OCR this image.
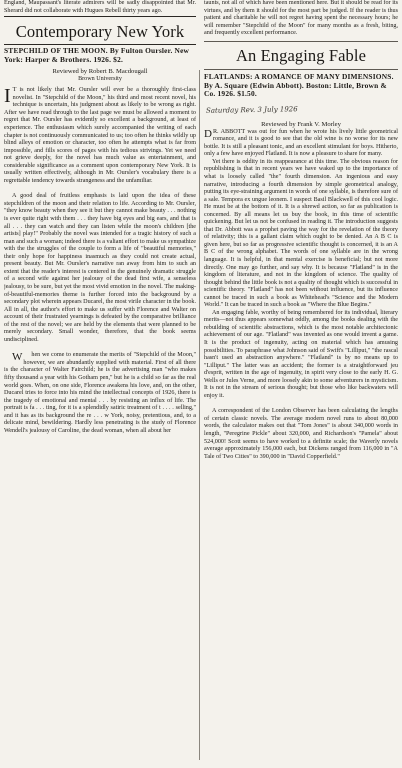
England, Maupassant's literate admirers will be sadly disappointed that Mr. Sherard did not collaborate with Hugues Rebell thirty years ago.

Contemporary New York

STEPCHILD OF THE MOON. By Fulton Oursler. New York: Harper & Brothers. 1926. $2.

Reviewed by Robert B. Macdougall

Brown University

I T is not likely that Mr. Oursler will ever be a thoroughly first-class novelist. In "Stepchild of the Moon," his third and most recent novel, his technique is uncertain, his judgment about as likely to be wrong as right. After we have read through to the last page we must be allowed a moment to regret that Mr. Oursler has evidently so excellent a background, at least of experience. The enthusiasm which surely accompanied the writing of each chapter is not continuously communicated to us; too often he thinks wildly up blind alleys of emotion or character, too often he attempts what is far from impossible, and fills scores of pages with his tedious strivings. Yet we need not grieve deeply, for the novel has much value as entertainment, and considerable significance as a comment upon contemporary New York. It is usually written effectively, although in Mr. Oursler's vocabulary there is a regrettable tendency towards strangeness and the unfamiliar.

A good deal of fruitless emphasis is laid upon the idea of these stepchildren of the moon and their relation to life. According to Mr. Oursler, "they know beauty when they see it but they cannot make beauty . . . nothing is ever quite right with them . . . they have big eyes and big ears, and that is all . . . they can watch and they can listen while the moon's children [the artists] play!" Probably the novel was intended for a tragic history of such a man and such a woman; indeed there is a valiant effort to make us sympathize with the the struggles of the couple to form a life of "beautiful memories," their only hope for happiness inasmuch as they could not create actual, present beauty. But Mr. Oursler's narrative ran away from him to such an extent that the reader's interest is centered in the genuinely dramatic struggle of a second wife against her jealousy of the dead first wife, a senseless jealousy, to be sure, but yet the most vivid emotion in the novel. The making-of-beautiful-memories theme is further forced into the background by a secondary plot wherein appears Ducarel, the most virile character in the book. All in all, the author's effort to make us suffer with Florence and Walter on account of their frustrated yearnings is defeated by the comparative brilliance of the rest of the novel; we are held by the elements that were planned to be merely secondary. Small wonder, therefore, that the book seems undisciplined.

W hen we come to enumerate the merits of "Stepchild of the Moon," however, we are abundantly supplied with material. First of all there is the character of Walter Fairchild; he is the advertising man "who makes fifty thousand a year with his Gotham pen," but he is a child so far as the real world goes. When, on one side, Florence awakens his love, and, on the other, Ducarel tries to force into his mind the intellectual concepts of 1926, there is the tragedy of emotional and mental . . . by resisting an influx of life. The portrait is fa . . . ting, for it is a splendidly satiric treatment of t . . . . selling," and it has as its background the re . . . w York, noisy, pretentious, and, to a delicate mind, bewildering. Hardly less penetrating is the study of Florence Wendell's jealousy of Caroline, the dead woman, when all about her

taunts, not all of which have been mentioned here. But it should be read for its virtues, and by them it should for the most part be judged. If the reader is thus patient and charitable he will not regret having spent the necessary hours; he will remember "Stepchild of the Moon" for many months as a fresh, biting, and frequently excellent performance.

An Engaging Fable

FLATLANDS: A ROMANCE OF MANY DIMENSIONS. By A. Square (Edwin Abbott). Boston: Little, Brown & Co. 1926. $1.50.

Saturday Rev. 3 July 1926

Reviewed by Frank V. Morley

D R. ABBOTT was out for fun when he wrote his lively little geometrical romance, and it is good to see that the old wine is no worse for its new bottle. It is still a pleasant tonic, and an excellent stimulant for boys. Hitherto, only a few have enjoyed Flatland. It is now a pleasure to share for many.

Yet there is oddity in its reappearance at this time. The obvious reason for republishing is that in recent years we have waked up to the importance of what is loosely called "the" fourth dimension. An ingenious and easy narrative, introducing a fourth dimension by simple geometrical analogy, putting its eye-straining argument in words of one syllable, is therefore sure of a sale. Tempora ex ungue leonem. I suspect Basil Blackwell of this cool logic. He must be at the bottom of it. It is a shrewd action, so far as publication is concerned. By all means let us buy the book, in this time of scientific quickening. But let us not be confused in reading it. The introduction suggests that Dr. Abbott was a prophet paving the way for the revelation of the theory of relativity; this is a gallant claim which ought to be denied. An A B C is given here, but so far as progressive scientific thought is concerned, it is an A B C of the wrong alphabet. The words of one syllable are in the wrong language. It is helpful, in that mental exercise is beneficial; but not more directly. One may go further, and say why. It is because "Flatland" is in the kingdom of literature, and not in the kingdom of science. The quality of thought behind the little book is not a quality of thought which is successful in scientific theory. "Flatland" has not been without influence, but its influence cannot be traced in such a book as Whitehead's "Science and the Modern World." It can be traced in such a book as "Where the Blue Begins."

An engaging fable, worthy of being remembered for its individual, literary merits—not thus appears somewhat oddly, among the books dealing with the rebuilding of scientific abstractions, which is the most notable architectonic achievement of our age. "Flatland" was invented as one would invent a game. It is the product of ingenuity, acting on material which has amusing possibilities. To paraphrase what Johnson said of Swift's "Lilliput," "the rascal hasn't used an abstraction anywhere." "Flatland" is by no means up to "Lilliput." The latter was an accident; the former is a straightforward jeu d'esprit, written in the age of ingenuity, in spirit very close to the early H. G. Wells or Jules Verne, and more loosely akin to some adventurers in mysticism. It is not in the stream of serious thought; but those who like backwaters will enjoy it.

A correspondent of the London Observer has been calculating the lengths of certain classic novels. The average modern novel runs to about 80,000 words, the calculator makes out that "Tom Jones" is about 340,000 words in length, "Peregrine Pickle" about 320,000, and Richardson's "Pamela" about 524,000! Scott seems to have worked to a definite scale; the Waverly novels average approximately 156,000 each, but Dickens ranged from 116,000 in "A Tale of Two Cities" to 390,000 in "David Copperfield."
